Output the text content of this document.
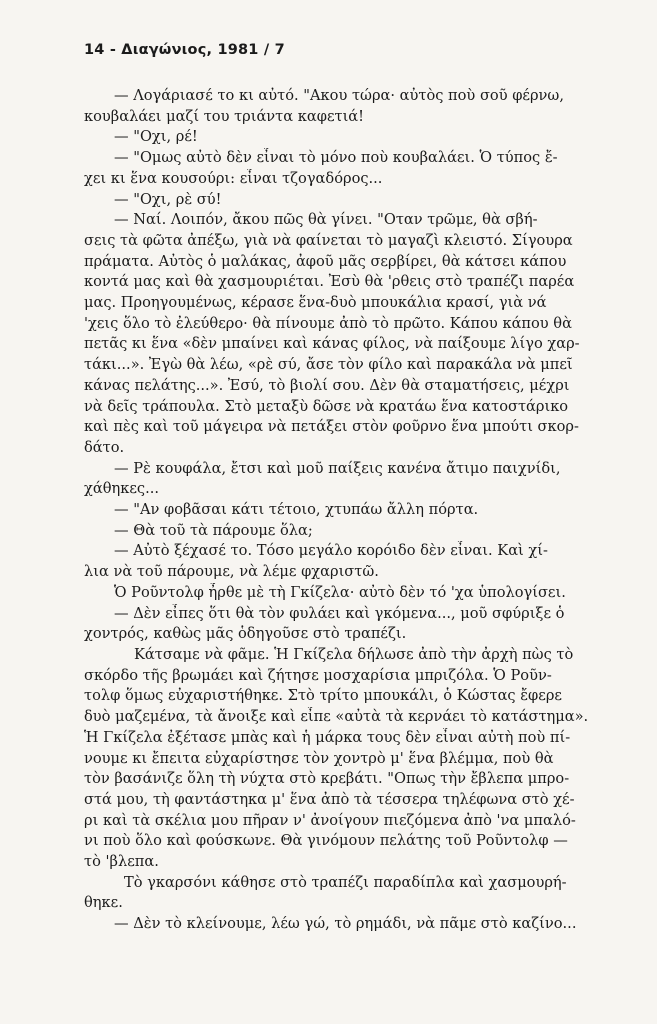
14 - Διαγώνιος, 1981 / 7
— Λογάριασέ το κι αὐτό. "Ακου τώρα· αὐτὸς ποὺ σοῦ φέρνω,
κουβαλάει μαζί του τριάντα καφετιά!
— "Οχι, ρέ!
— "Ομως αὐτὸ δὲν εἶναι τὸ μόνο ποὺ κουβαλάει. Ὁ τύπος ἔ-
χει κι ἕνα κουσούρι: εἶναι τζογαδόρος...
— "Οχι, ρὲ σύ!
— Ναί. Λοιπόν, ἄκου πῶς θὰ γίνει. "Οταν τρῶμε, θὰ σβή-
σεις τὰ φῶτα ἀπέξω, γιὰ νὰ φαίνεται τὸ μαγαζὶ κλειστό. Σίγουρα
πράματα. Αὐτὸς ὁ μαλάκας, ἀφοῦ μᾶς σερβίρει, θὰ κάτσει κάπου
κοντά μας καὶ θὰ χασμουριέται. Ἐσὺ θὰ 'ρθεις στὸ τραπέζι παρέα
μας. Προηγουμένως, κέρασε ἕνα-δυὸ μπουκάλια κρασί, γιὰ νά
'χεις ὅλο τὸ ἐλεύθερο· θὰ πίνουμε ἀπὸ τὸ πρῶτο. Κάπου κάπου θὰ
πετᾶς κι ἕνα «δὲν μπαίνει καὶ κάνας φίλος, νὰ παίξουμε λίγο χαρ-
τάκι...». Ἐγὼ θὰ λέω, «ρὲ σύ, ἄσε τὸν φίλο καὶ παρακάλα νὰ μπεῖ
κάνας πελάτης...». Ἐσύ, τὸ βιολί σου. Δὲν θὰ σταματήσεις, μέχρι
νὰ δεῖς τράπουλα. Στὸ μεταξὺ δῶσε νὰ κρατάω ἕνα κατοστάρικο
καὶ πὲς καὶ τοῦ μάγειρα νὰ πετάξει στὸν φοῦρνο ἕνα μπούτι σκορ-
δάτο.
— Ρὲ κουφάλα, ἔτσι καὶ μοῦ παίξεις κανένα ἄτιμο παιχνίδι,
χάθηκες...
— "Αν φοβᾶσαι κάτι τέτοιο, χτυπάω ἄλλη πόρτα.
— Θὰ τοῦ τὰ πάρουμε ὅλα;
— Αὐτὸ ξέχασέ το. Τόσο μεγάλο κορόιδο δὲν εἶναι. Καὶ χί-
λια νὰ τοῦ πάρουμε, νὰ λέμε φχαριστῶ.
Ὁ Ροῦντολφ ἦρθε μὲ τὴ Γκίζελα· αὐτὸ δὲν τό 'χα ὑπολογίσει.
— Δὲν εἶπες ὅτι θὰ τὸν φυλάει καὶ γκόμενα..., μοῦ σφύριξε ὁ
χοντρός, καθὼς μᾶς ὁδηγοῦσε στὸ τραπέζι.
Κάτσαμε νὰ φᾶμε. Ἡ Γκίζελα δήλωσε ἀπὸ τὴν ἀρχὴ πὼς τὸ
σκόρδο τῆς βρωμάει καὶ ζήτησε μοσχαρίσια μπριζόλα. Ὁ Ροῦν-
τολφ ὅμως εὐχαριστήθηκε. Στὸ τρίτο μπουκάλι, ὁ Κώστας ἔφερε
δυὸ μαζεμένα, τὰ ἄνοιξε καὶ εἶπε «αὐτὰ τὰ κερνάει τὸ κατάστημα».
Ἡ Γκίζελα ἐξέτασε μπὰς καὶ ἡ μάρκα τους δὲν εἶναι αὐτὴ ποὺ πί-
νουμε κι ἔπειτα εὐχαρίστησε τὸν χοντρὸ μ' ἕνα βλέμμα, ποὺ θὰ
τὸν βασάνιζε ὅλη τὴ νύχτα στὸ κρεβάτι. "Οπως τὴν ἔβλεπα μπρο-
στά μου, τὴ φαντάστηκα μ' ἕνα ἀπὸ τὰ τέσσερα τηλέφωνα στὸ χέ-
ρι καὶ τὰ σκέλια μου πῆραν ν' ἀνοίγουν πιεζόμενα ἀπὸ 'να μπαλό-
νι ποὺ ὅλο καὶ φούσκωνε. Θὰ γινόμουν πελάτης τοῦ Ροῦντολφ —
τὸ 'βλεπα.
Τὸ γκαρσόνι κάθησε στὸ τραπέζι παραδίπλα καὶ χασμουρή-
θηκε.
— Δὲν τὸ κλείνουμε, λέω γώ, τὸ ρημάδι, νὰ πᾶμε στὸ καζίνο...
